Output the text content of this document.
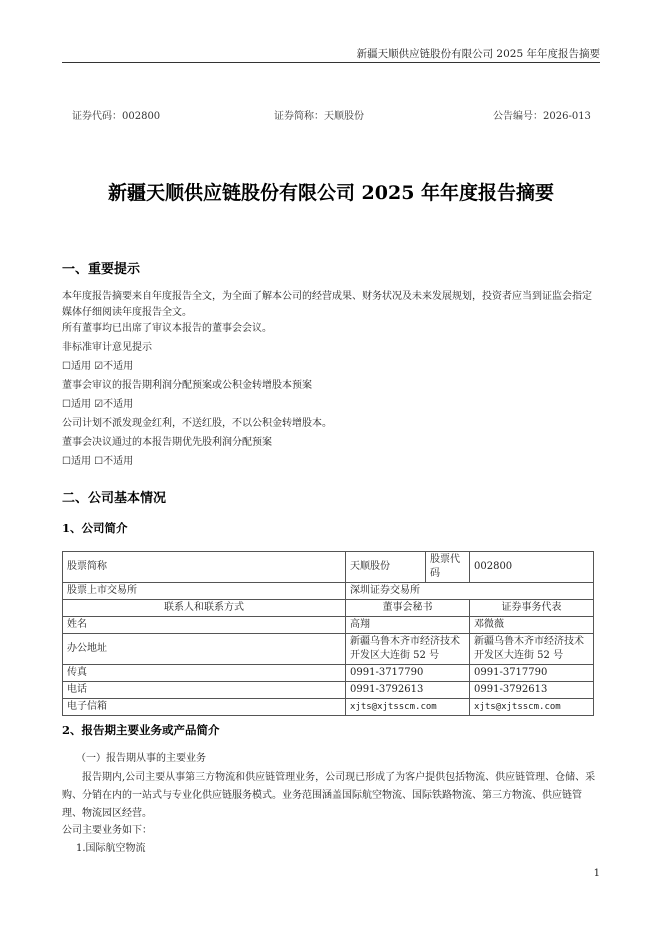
新疆天顺供应链股份有限公司 2025 年年度报告摘要
证券代码：002800	证券简称：天顺股份	公告编号：2026-013
新疆天顺供应链股份有限公司 2025 年年度报告摘要
一、重要提示
本年度报告摘要来自年度报告全文，为全面了解本公司的经营成果、财务状况及未来发展规划，投资者应当到证监会指定媒体仔细阅读年度报告全文。
所有董事均已出席了审议本报告的董事会会议。
非标准审计意见提示
☐适用 ☑不适用
董事会审议的报告期利润分配预案或公积金转增股本预案
☐适用 ☑不适用
公司计划不派发现金红利，不送红股，不以公积金转增股本。
董事会决议通过的本报告期优先股利润分配预案
☐适用 ☐不适用
二、公司基本情况
1、公司简介
股票简称	天顺股份	股票代码	002800
股票上市交易所	深圳证券交易所		
联系人和联系方式	董事会秘书		证券事务代表
姓名	高翔		邓微薇
办公地址	新疆乌鲁木齐市经济技术开发区大连街 52 号		新疆乌鲁木齐市经济技术开发区大连街 52 号
传真	0991-3717790		0991-3717790
电话	0991-3792613		0991-3792613
电子信箱	xjts@xjtsscm.com		xjts@xjtsscm.com
2、报告期主要业务或产品简介
（一）报告期从事的主要业务
报告期内,公司主要从事第三方物流和供应链管理业务，公司现已形成了为客户提供包括物流、供应链管理、仓储、采购、分销在内的一站式与专业化供应链服务模式。业务范围涵盖国际航空物流、国际铁路物流、第三方物流、供应链管理、物流园区经营。
公司主要业务如下：
1.国际航空物流
1
